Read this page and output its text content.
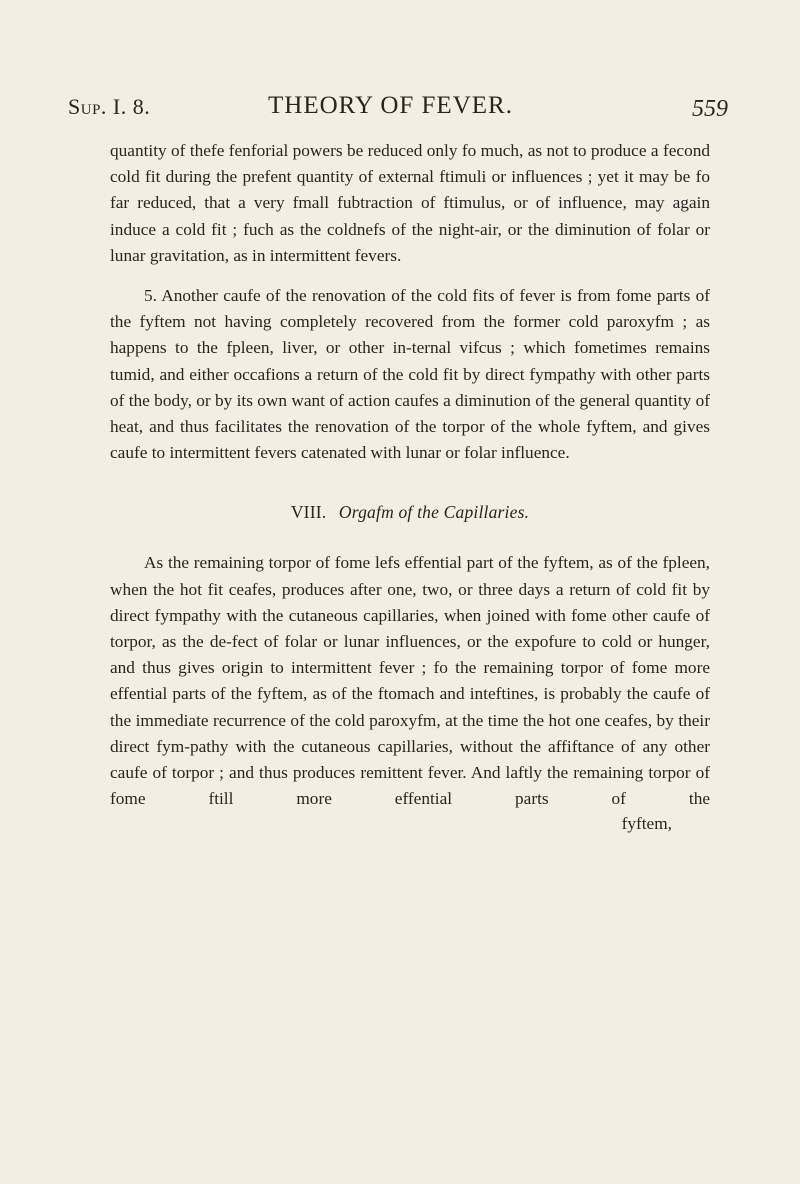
Sup. I. 8.	THEORY OF FEVER.	559

quantity of thefe fenforial powers be reduced only fo much, as not to produce a fecond cold fit during the prefent quantity of external ftimuli or influences ; yet it may be fo far reduced, that a very fmall fubtraction of ftimulus, or of influence, may again induce a cold fit ; fuch as the coldnefs of the night-air, or the diminution of folar or lunar gravitation, as in intermittent fevers.

5. Another caufe of the renovation of the cold fits of fever is from fome parts of the fyftem not having completely recovered from the former cold paroxyfm ; as happens to the fpleen, liver, or other in-ternal vifcus ; which fometimes remains tumid, and either occafions a return of the cold fit by direct fympathy with other parts of the body, or by its own want of action caufes a diminution of the general quantity of heat, and thus facilitates the renovation of the torpor of the whole fyftem, and gives caufe to intermittent fevers catenated with lunar or folar influence.

VIII. Orgafm of the Capillaries.

As the remaining torpor of fome lefs effential part of the fyftem, as of the fpleen, when the hot fit ceafes, produces after one, two, or three days a return of cold fit by direct fympathy with the cutaneous capillaries, when joined with fome other caufe of torpor, as the de-fect of folar or lunar influences, or the expofure to cold or hunger, and thus gives origin to intermittent fever ; fo the remaining torpor of fome more effential parts of the fyftem, as of the ftomach and inteftines, is probably the caufe of the immediate recurrence of the cold paroxyfm, at the time the hot one ceafes, by their direct fym-pathy with the cutaneous capillaries, without the affiftance of any other caufe of torpor ; and thus produces remittent fever. And laftly the remaining torpor of fome ftill more effential parts of the

fyftem,
